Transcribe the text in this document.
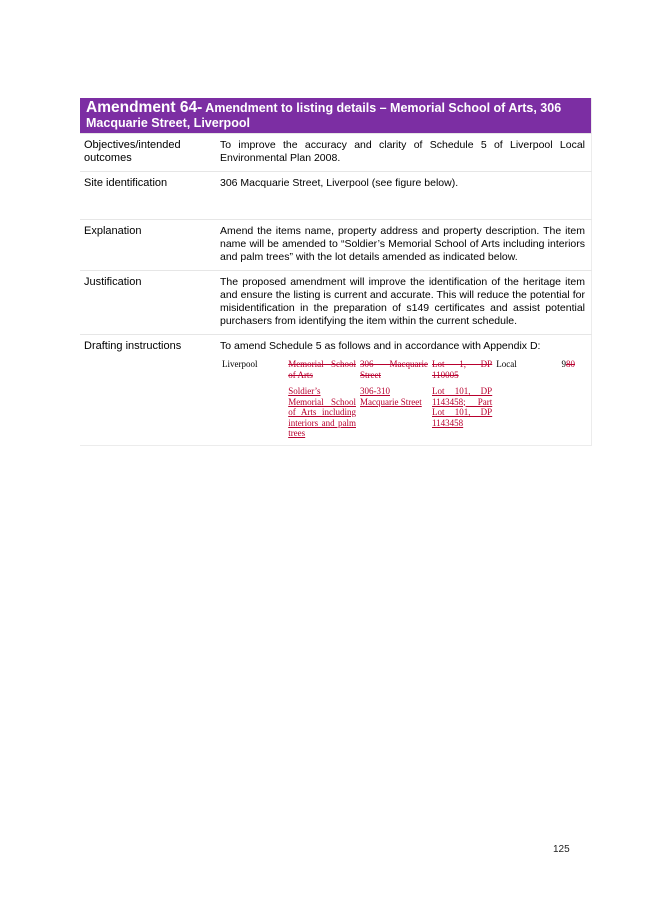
Amendment 64- Amendment to listing details – Memorial School of Arts, 306 Macquarie Street, Liverpool
Objectives/intended outcomes	To improve the accuracy and clarity of Schedule 5 of Liverpool Local Environmental Plan 2008.
Site identification	306 Macquarie Street, Liverpool (see figure below).
Explanation	Amend the items name, property address and property description. The item name will be amended to “Soldier’s Memorial School of Arts including interiors and palm trees” with the lot details amended as indicated below.
Justification	The proposed amendment will improve the identification of the heritage item and ensure the listing is current and accurate. This will reduce the potential for misidentification in the preparation of s149 certificates and assist potential purchasers from identifying the item within the current schedule.
Drafting instructions	To amend Schedule 5 as follows and in accordance with Appendix D:

Liverpool	Memorial School of Arts	306 Macquarie Street	Lot 1, DP 110005	Local	980

	Soldier’s Memorial School of Arts including interiors and palm trees	306-310 Macquarie Street	Lot 101, DP 1143458; Part Lot 101, DP 1143458		
125
